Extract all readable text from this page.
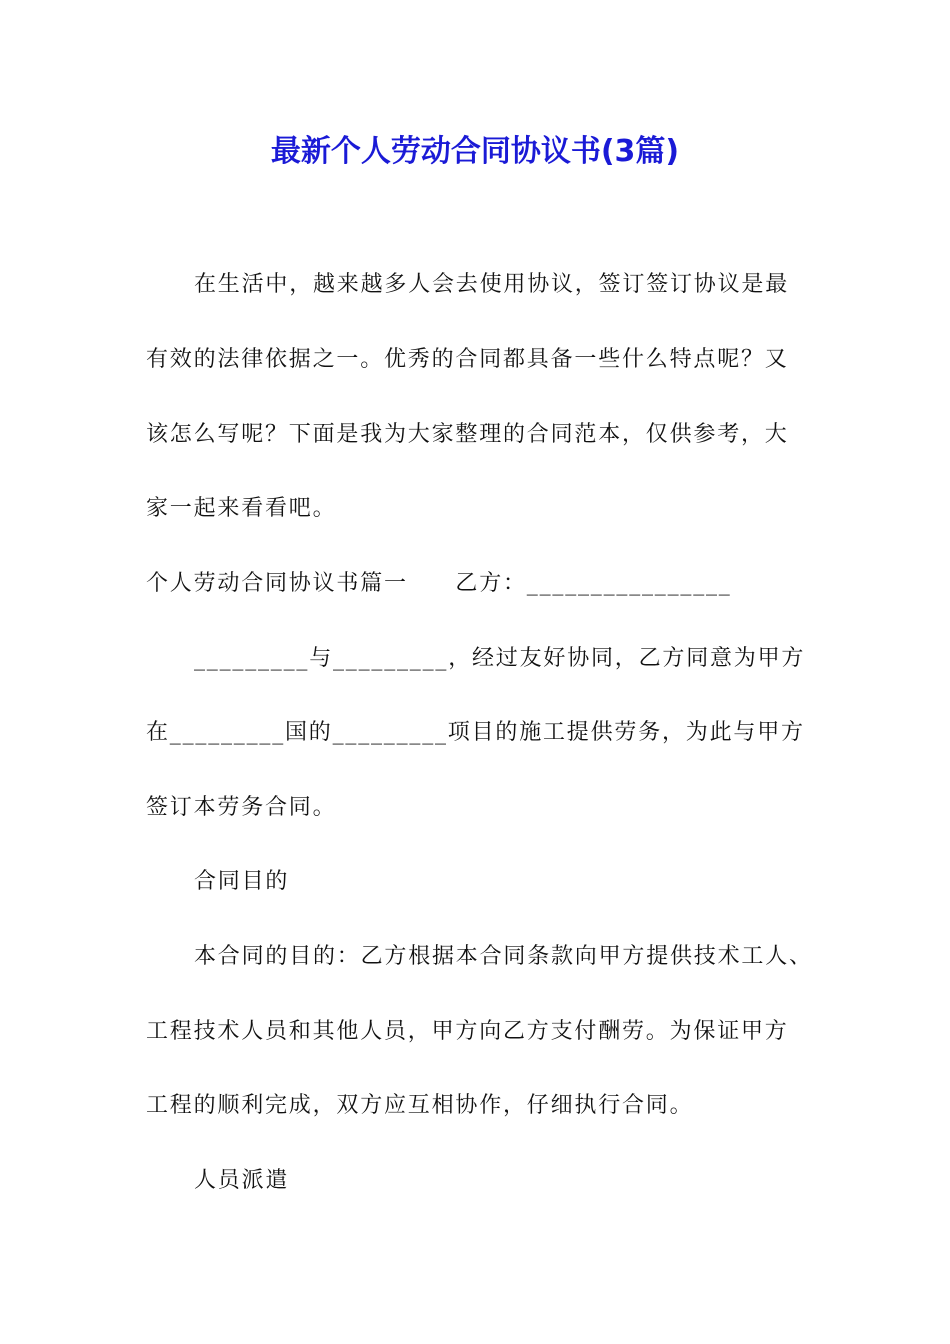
最新个人劳动合同协议书(3篇)
在生活中，越来越多人会去使用协议，签订签订协议是最
有效的法律依据之一。优秀的合同都具备一些什么特点呢？又
该怎么写呢？下面是我为大家整理的合同范本，仅供参考，大
家一起来看看吧。
个人劳动合同协议书篇一　　乙方：________________
_________与_________，经过友好协同，乙方同意为甲方
在_________国的_________项目的施工提供劳务，为此与甲方
签订本劳务合同。
合同目的
本合同的目的：乙方根据本合同条款向甲方提供技术工人、
工程技术人员和其他人员，甲方向乙方支付酬劳。为保证甲方
工程的顺利完成，双方应互相协作，仔细执行合同。
人员派遣
